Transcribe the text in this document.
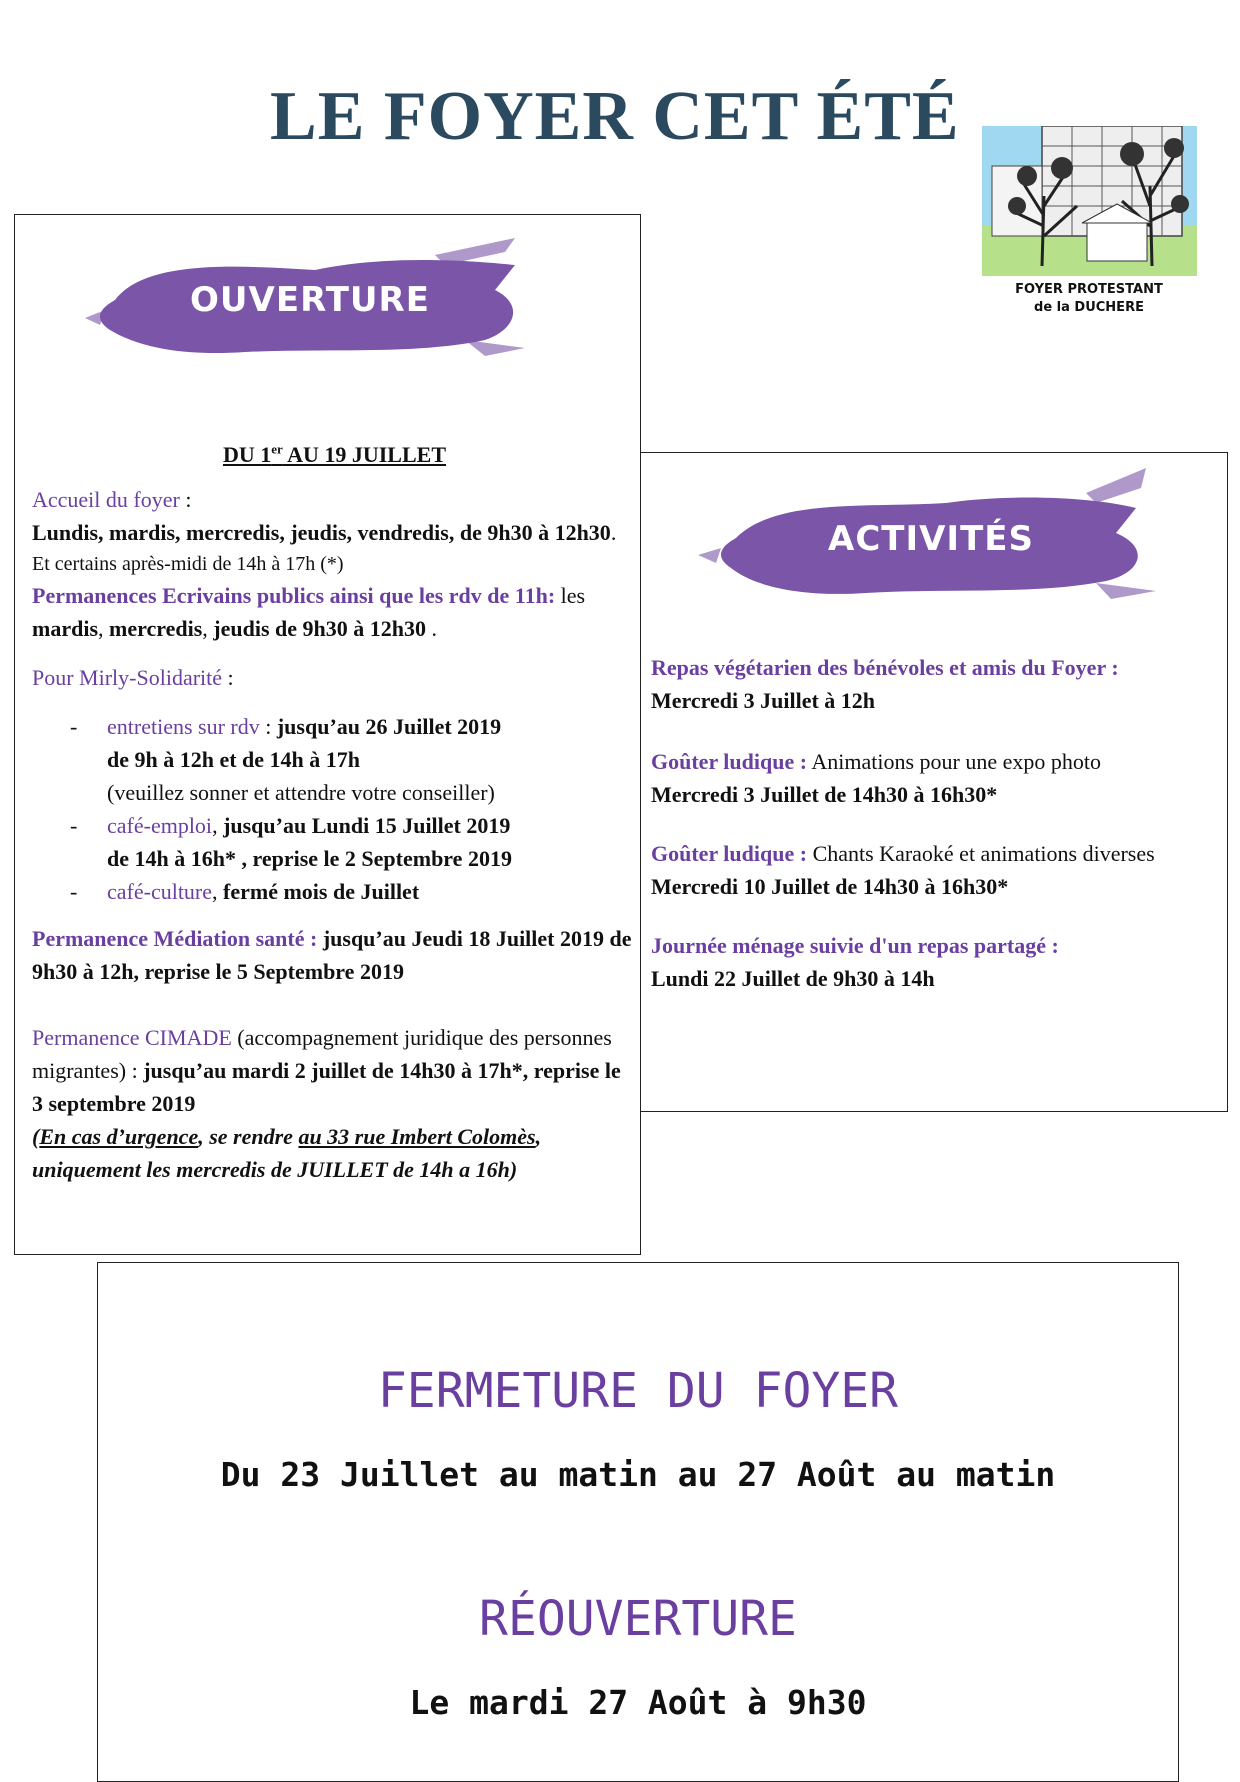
LE FOYER CET ÉTÉ
FOYER PROTESTANT
de la DUCHERE
OUVERTURE

DU 1er AU 19 JUILLET

Accueil du foyer :

Lundis, mardis, mercredis, jeudis, vendredis, de 9h30 à 12h30.

Et certains après-midi de 14h à 17h (*)

Permanences Ecrivains publics ainsi que les rdv de 11h: les mardis, mercredis, jeudis de 9h30 à 12h30 .

Pour Mirly-Solidarité :

- entretiens sur rdv : jusqu’au 26 Juillet 2019
de 9h à 12h et de 14h à 17h
(veuillez sonner et attendre votre conseiller)
- café-emploi, jusqu’au Lundi 15 Juillet 2019
de 14h à 16h* , reprise le 2 Septembre 2019
- café-culture, fermé mois de Juillet

Permanence Médiation santé : jusqu’au Jeudi 18 Juillet 2019 de 9h30 à 12h, reprise le 5 Septembre 2019

Permanence CIMADE (accompagnement juridique des personnes migrantes) : jusqu’au mardi 2 juillet de 14h30 à 17h*, reprise le 3 septembre 2019

(En cas d’urgence, se rendre au 33 rue Imbert Colomès, uniquement les mercredis de JUILLET de 14h a 16h)

ACTIVITÉS

Repas végétarien des bénévoles et amis du Foyer :

Mercredi 3 Juillet à 12h

Goûter ludique : Animations pour une expo photo

Mercredi 3 Juillet de 14h30 à 16h30*

Goûter ludique : Chants Karaoké et animations diverses

Mercredi 10 Juillet de 14h30 à 16h30*

Journée ménage suivie d'un repas partagé :

Lundi 22 Juillet de 9h30 à 14h

FERMETURE DU FOYER
Du 23 Juillet au matin au 27 Août au matin
RÉOUVERTURE
Le mardi 27 Août à 9h30
